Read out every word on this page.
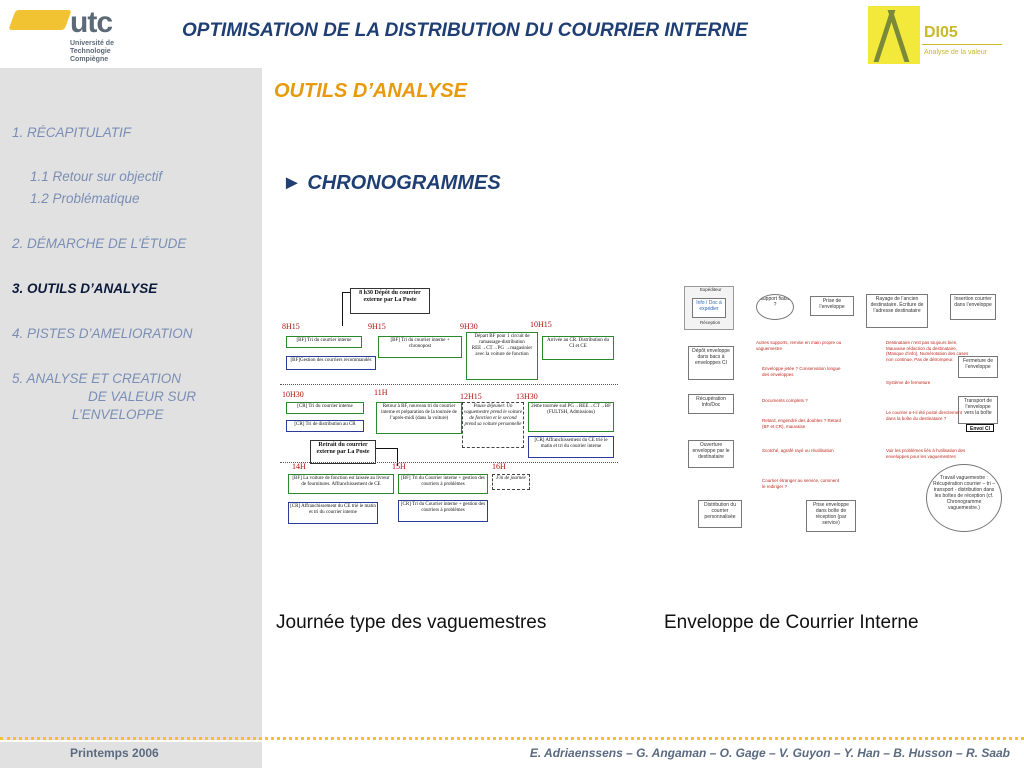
utc
Université de Technologie
Compiègne
OPTIMISATION DE LA DISTRIBUTION DU COURRIER INTERNE	DI05
Analyse de la valeur
1. RÉCAPITULATIF
1.1 Retour sur objectif
1.2 Problématique
2. DÉMARCHE DE L'ÉTUDE
3. OUTILS D’ANALYSE
4. PISTES D’AMELIORATION
5. ANALYSE ET CREATION
DE VALEUR SUR
L’ENVELOPPE
OUTILS D’ANALYSE
► CHRONOGRAMMES
8 h30 Dépôt du courrier externe par La Poste
8H15	9H15	9H30	10H15
[BF] Tri du courrier interne
[BF]Gestion des courriers recommandés
[BF] Tri du courrier interne + chronopost
Départ BF pour 1 circuit de ramassage-distribution REE→CT→PG →magasinier avec la voiture de fonction
Arrivée au CR. Distribution du CI et CE
10H30	11H	12H15	13H30
[CR] Tri du courrier interne
[CR] Tri de distribution au CR
Retour à BF, nouveau tri du courrier interne et préparation de la tournée de l’après-midi (dans la voiture)
Pause déjeuner. Un vaguemestre prend le voiture de fonction et le second prend sa voiture personnelle
2ème tournée sud PG→REE→CT→BF (FULTSH, Admissions)
[CR] Affranchissement du CE trié le matin et tri du courrier interne
Retrait du courrier externe par La Poste
14H	15H	16H
[BF] La voiture de fonction est laissée au livreur de fournitures. Affranchissement de CE
[CR] Affranchissement du CE trié le matin et tri du courrier interne
[BF] Tri du Courrier interne + gestion des courriers à problèmes
[CR] Tri du Courrier interne + gestion des courriers à problèmes
Fin de journée
Expéditeur
Info / Doc à expédier
Réception
Support fiable ?
Prise de l’enveloppe
Rayage de l’ancien destinataire. Écriture de l’adresse destinataire
Insertion courrier dans l’enveloppe
Autres supports, remise en main propre ou vaguemestre
Destinataire n’est pas toujours bien, Mauvaise rédaction du destinataire, (Manque d’info), Numérotation des cases non continue, Pas de détrompeur.	Fermeture de l’enveloppe
Dépôt enveloppe dans bacs à enveloppes CI
Enveloppe jetée ? Conservation longue des enveloppes
Système de fermeture
Récupération Info/Doc
Documents complets ?	Transport de l’enveloppe vers la boîte
Envoi CI
Le courrier a-t-il été posté directement dans la boîte du destinataire ?
Retard, engendré des doubles ? Retard (BF et CR), mauvaise
Ouverture enveloppe par le destinataire
Scotché, agrafé rayé ou réutilisation	Voir les problèmes liés à l’utilisation des enveloppes pour les vaguemestres
Courrier étranger au service, comment le rediriger ?
Travail vaguemestre : Récupération courrier – tri – transport - distribution dans les boîtes de réception (cf. Chronogramme vaguemestre.)
Distribution du courrier personnalisée
Prise enveloppe dans boîte de réception (par service)
Journée type des vaguemestres	Enveloppe de Courrier Interne
Printemps 2006	E. Adriaenssens – G. Angaman – O. Gage – V. Guyon – Y. Han – B. Husson – R. Saab
